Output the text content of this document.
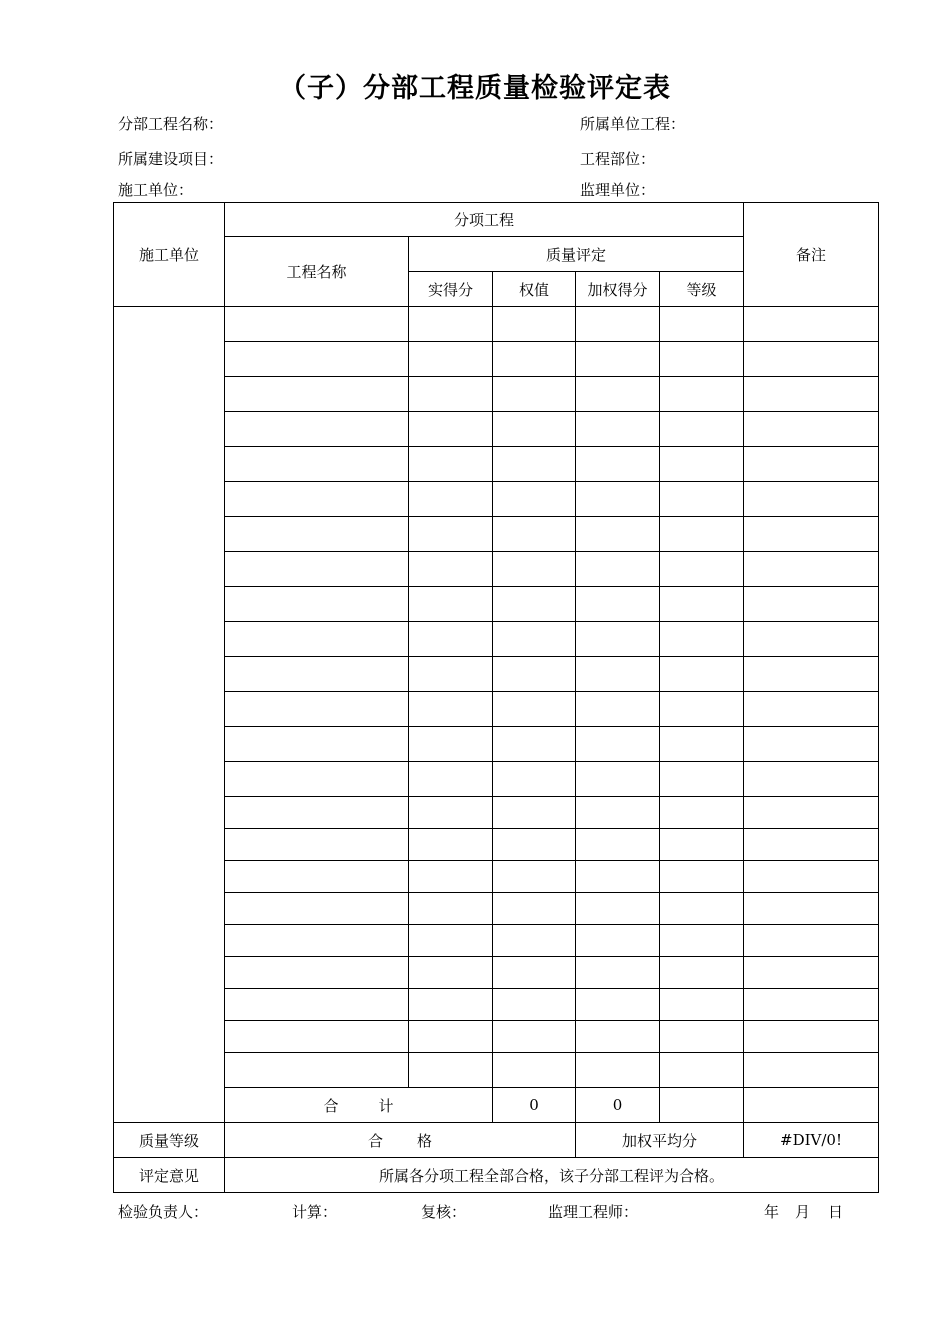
（子）分部工程质量检验评定表
分部工程名称：	所属单位工程：
所属建设项目：	工程部位：
施工单位：	监理单位：
施工单位	分项工程					备注
	工程名称	质量评定				
		实得分	权值	加权得分	等级	

	合 计		0	0		
质量等级	合 格			加权平均分		#DIV/0!
评定意见	所属各分项工程全部合格，该子分部工程评为合格。					
检验负责人：	计算：	复核：	监理工程师：	年 月 日
